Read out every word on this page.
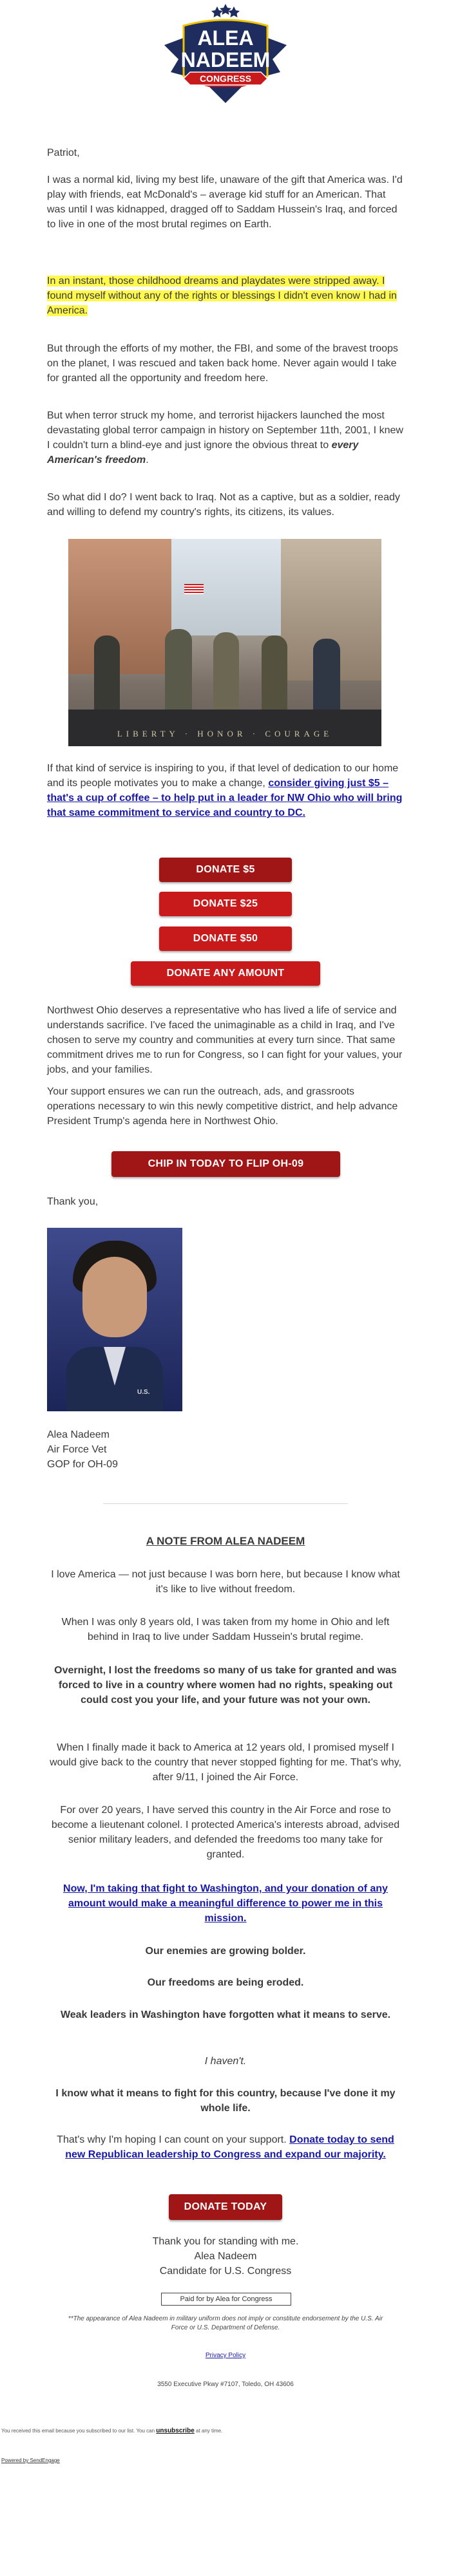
ALEA
NADEEM
CONGRESS

Patriot,

I was a normal kid, living my best life, unaware of the gift that America was. I'd play with friends, eat McDonald's – average kid stuff for an American. That was until I was kidnapped, dragged off to Saddam Hussein's Iraq, and forced to live in one of the most brutal regimes on Earth.

In an instant, those childhood dreams and playdates were stripped away. I found myself without any of the rights or blessings I didn't even know I had in America.

But through the efforts of my mother, the FBI, and some of the bravest troops on the planet, I was rescued and taken back home. Never again would I take for granted all the opportunity and freedom here.

But when terror struck my home, and terrorist hijackers launched the most devastating global terror campaign in history on September 11th, 2001, I knew I couldn't turn a blind-eye and just ignore the obvious threat to every American's freedom.

So what did I do? I went back to Iraq. Not as a captive, but as a soldier, ready and willing to defend my country's rights, its citizens, its values.

LIBERTY · HONOR · COURAGE

If that kind of service is inspiring to you, if that level of dedication to our home and its people motivates you to make a change, consider giving just $5 – that's a cup of coffee – to help put in a leader for NW Ohio who will bring that same commitment to service and country to DC.

DONATE $5
DONATE $25
DONATE $50
DONATE ANY AMOUNT

Northwest Ohio deserves a representative who has lived a life of service and understands sacrifice. I've faced the unimaginable as a child in Iraq, and I've chosen to serve my country and communities at every turn since. That same commitment drives me to run for Congress, so I can fight for your values, your jobs, and your families.

Your support ensures we can run the outreach, ads, and grassroots operations necessary to win this newly competitive district, and help advance President Trump's agenda here in Northwest Ohio.

CHIP IN TODAY TO FLIP OH-09

Thank you,

U.S.
Alea Nadeem
Air Force Vet
GOP for OH-09

A NOTE FROM ALEA NADEEM

I love America — not just because I was born here, but because I know what it's like to live without freedom.

When I was only 8 years old, I was taken from my home in Ohio and left behind in Iraq to live under Saddam Hussein's brutal regime.

Overnight, I lost the freedoms so many of us take for granted and was forced to live in a country where women had no rights, speaking out could cost you your life, and your future was not your own.

When I finally made it back to America at 12 years old, I promised myself I would give back to the country that never stopped fighting for me. That's why, after 9/11, I joined the Air Force.

For over 20 years, I have served this country in the Air Force and rose to become a lieutenant colonel. I protected America's interests abroad, advised senior military leaders, and defended the freedoms too many take for granted.

Now, I'm taking that fight to Washington, and your donation of any amount would make a meaningful difference to power me in this mission.

Our enemies are growing bolder.

Our freedoms are being eroded.

Weak leaders in Washington have forgotten what it means to serve.

I haven't.

I know what it means to fight for this country, because I've done it my whole life.

That's why I'm hoping I can count on your support. Donate today to send new Republican leadership to Congress and expand our majority.

DONATE TODAY

Thank you for standing with me.

Alea Nadeem

Candidate for U.S. Congress

Paid for by Alea for Congress

**The appearance of Alea Nadeem in military uniform does not imply or constitute endorsement by the U.S. Air Force or U.S. Department of Defense.

Privacy Policy

3550 Executive Pkwy #7107, Toledo, OH 43606

You received this email because you subscribed to our list. You can unsubscribe at any time.
Powered by SendEngage
